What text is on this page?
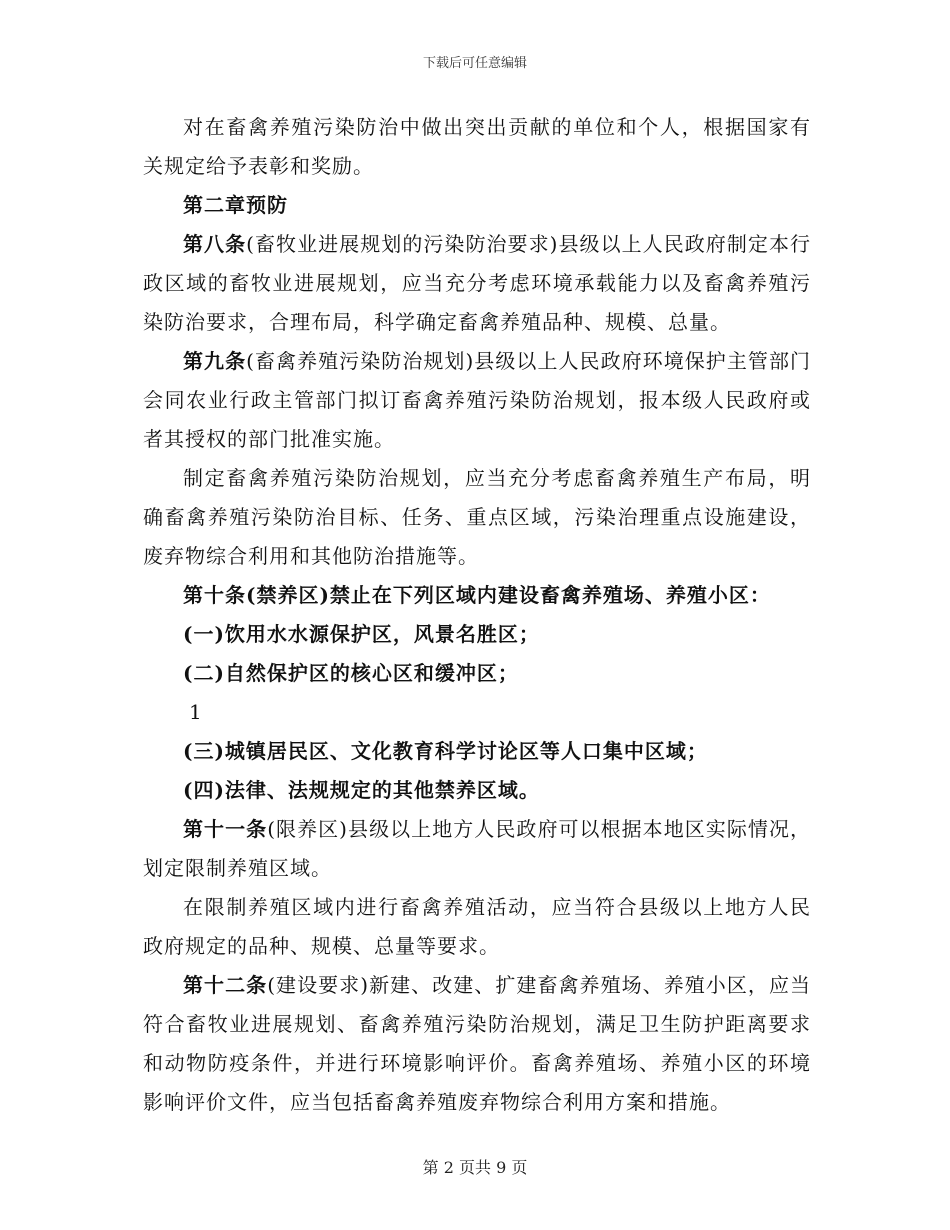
下载后可任意编辑

对在畜禽养殖污染防治中做出突出贡献的单位和个人，根据国家有关规定给予表彰和奖励。

第二章预防

第八条(畜牧业进展规划的污染防治要求)县级以上人民政府制定本行政区域的畜牧业进展规划，应当充分考虑环境承载能力以及畜禽养殖污染防治要求，合理布局，科学确定畜禽养殖品种、规模、总量。

第九条(畜禽养殖污染防治规划)县级以上人民政府环境保护主管部门会同农业行政主管部门拟订畜禽养殖污染防治规划，报本级人民政府或者其授权的部门批准实施。

制定畜禽养殖污染防治规划，应当充分考虑畜禽养殖生产布局，明确畜禽养殖污染防治目标、任务、重点区域，污染治理重点设施建设，废弃物综合利用和其他防治措施等。

第十条(禁养区)禁止在下列区域内建设畜禽养殖场、养殖小区：

(一)饮用水水源保护区，风景名胜区；

(二)自然保护区的核心区和缓冲区；

1

(三)城镇居民区、文化教育科学讨论区等人口集中区域；

(四)法律、法规规定的其他禁养区域。

第十一条(限养区)县级以上地方人民政府可以根据本地区实际情况，划定限制养殖区域。

在限制养殖区域内进行畜禽养殖活动，应当符合县级以上地方人民政府规定的品种、规模、总量等要求。

第十二条(建设要求)新建、改建、扩建畜禽养殖场、养殖小区，应当符合畜牧业进展规划、畜禽养殖污染防治规划，满足卫生防护距离要求和动物防疫条件，并进行环境影响评价。畜禽养殖场、养殖小区的环境影响评价文件，应当包括畜禽养殖废弃物综合利用方案和措施。

第 2 页共 9 页
